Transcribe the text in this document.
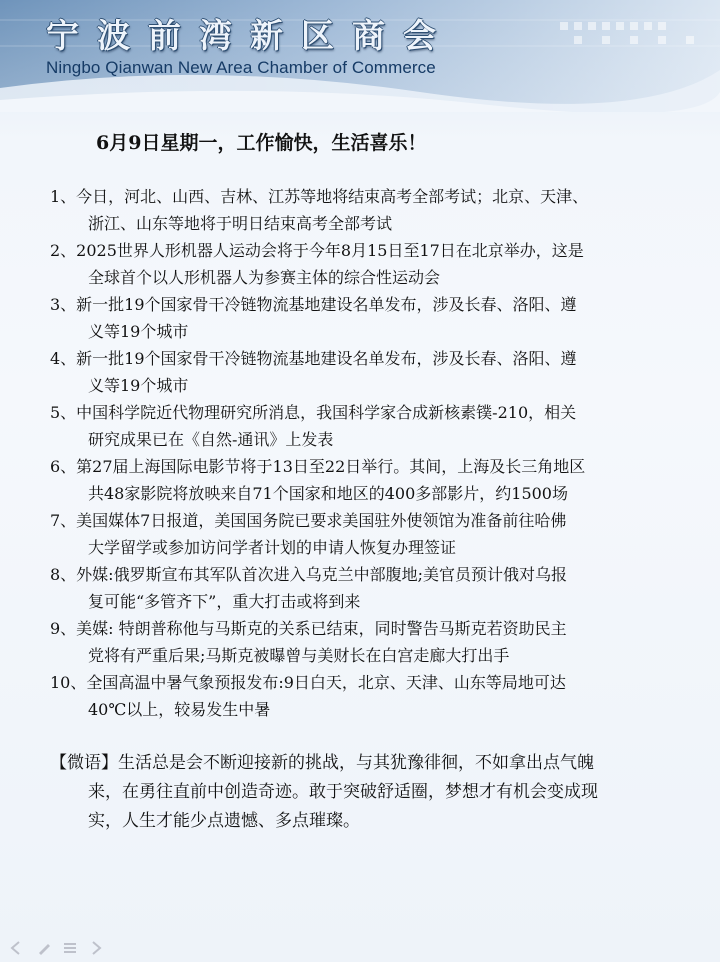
宁波前湾新区商会
Ningbo Qianwan New Area Chamber of Commerce
6月9日星期一，工作愉快，生活喜乐！
1、今日，河北、山西、吉林、江苏等地将结束高考全部考试；北京、天津、
浙江、山东等地将于明日结束高考全部考试
2、2025世界人形机器人运动会将于今年8月15日至17日在北京举办，这是
全球首个以人形机器人为参赛主体的综合性运动会
3、新一批19个国家骨干冷链物流基地建设名单发布，涉及长春、洛阳、遵
义等19个城市
4、新一批19个国家骨干冷链物流基地建设名单发布，涉及长春、洛阳、遵
义等19个城市
5、中国科学院近代物理研究所消息，我国科学家合成新核素镤-210，相关
研究成果已在《自然-通讯》上发表
6、第27届上海国际电影节将于13日至22日举行。其间，上海及长三角地区
共48家影院将放映来自71个国家和地区的400多部影片，约1500场
7、美国媒体7日报道，美国国务院已要求美国驻外使领馆为准备前往哈佛
大学留学或参加访问学者计划的申请人恢复办理签证
8、外媒:俄罗斯宣布其军队首次进入乌克兰中部腹地;美官员预计俄对乌报
复可能“多管齐下”，重大打击或将到来
9、美媒: 特朗普称他与马斯克的关系已结束，同时警告马斯克若资助民主
党将有严重后果;马斯克被曝曾与美财长在白宫走廊大打出手
10、全国高温中暑气象预报发布:9日白天，北京、天津、山东等局地可达
40℃以上，较易发生中暑
【微语】生活总是会不断迎接新的挑战，与其犹豫徘徊，不如拿出点气魄
来，在勇往直前中创造奇迹。敢于突破舒适圈，梦想才有机会变成现
实，人生才能少点遗憾、多点璀璨。
